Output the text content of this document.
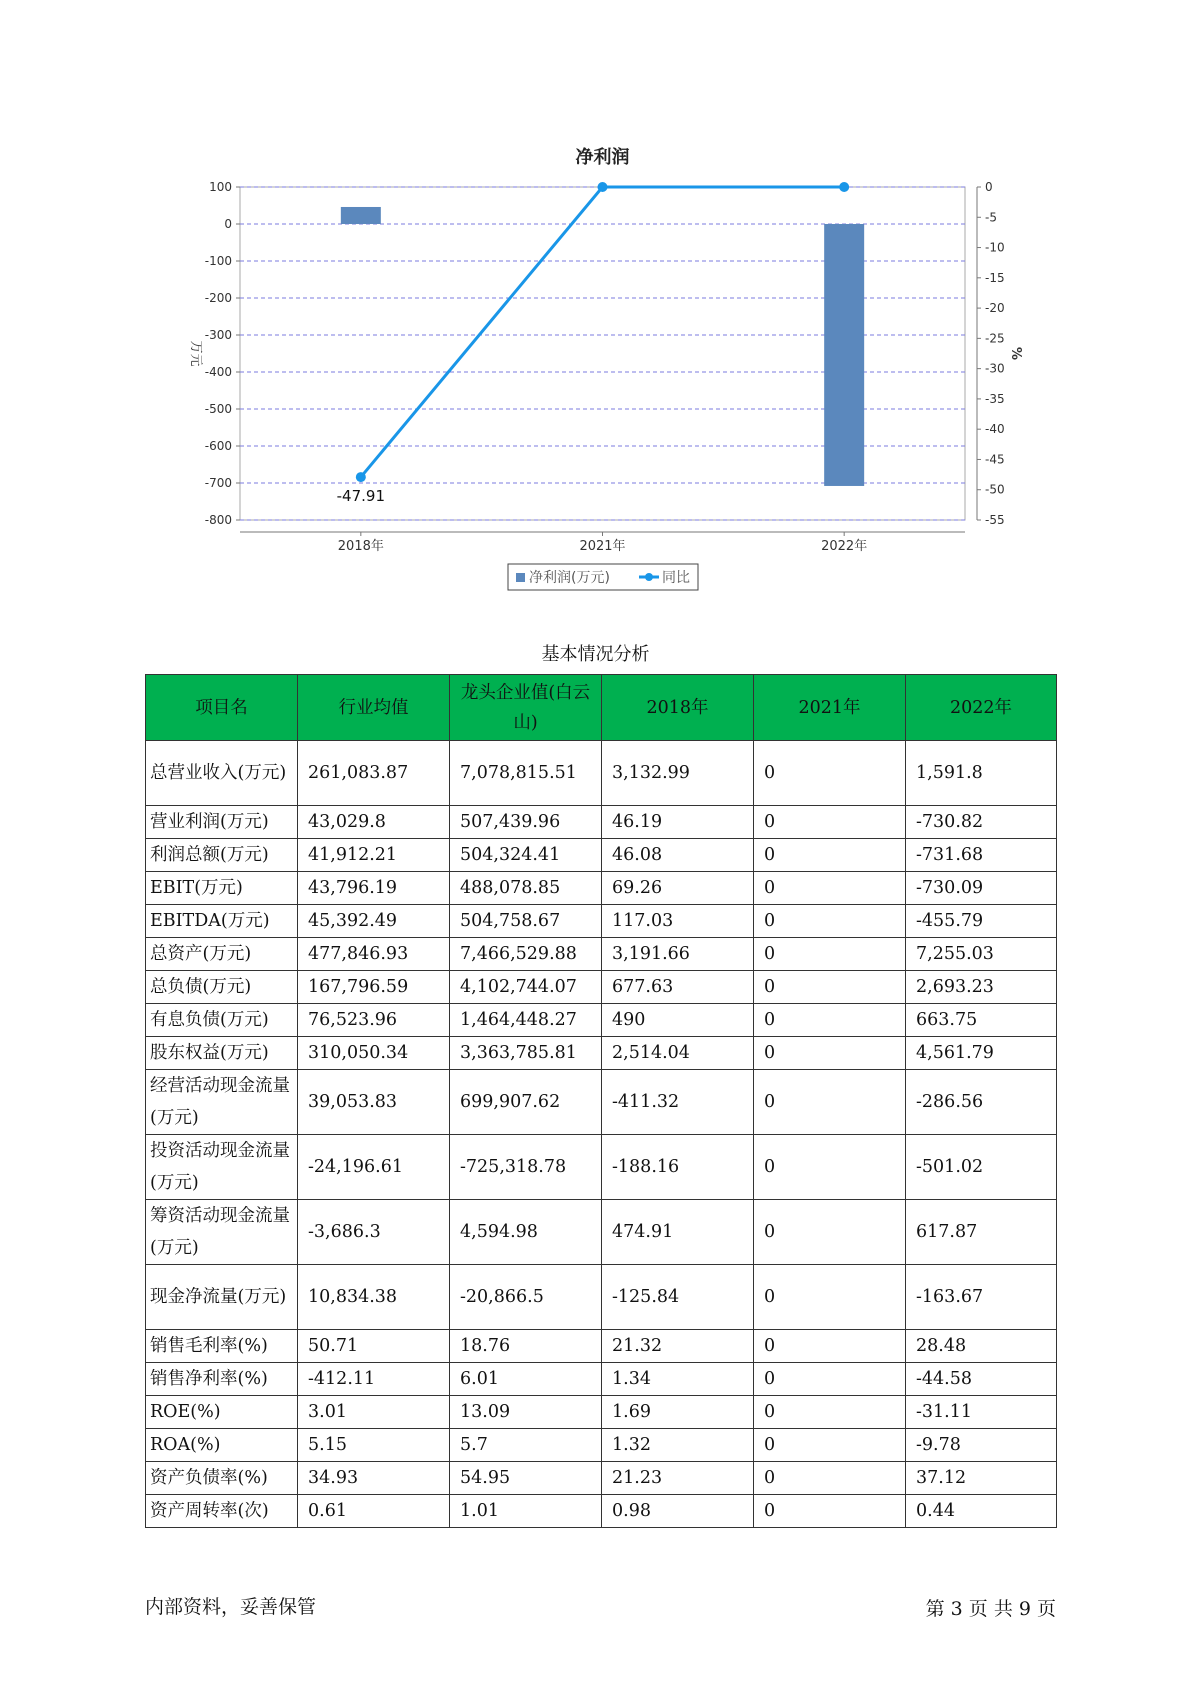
100
0
-100
-200
-300
-400
-500
-600
-700
-800
0
-5
-10
-15
-20
-25
-30
-35
-40
-45
-50
-55
2018年	2021年	2022年
净利润
万元	%
-47.91
净利润(万元)	同比
基本情况分析
项目名	行业均值	龙头企业值(白云山)	2018年	2021年	2022年
总营业收入(万元)	261,083.87	7,078,815.51	3,132.99	0	1,591.8
营业利润(万元)	43,029.8	507,439.96	46.19	0	-730.82
利润总额(万元)	41,912.21	504,324.41	46.08	0	-731.68
EBIT(万元)	43,796.19	488,078.85	69.26	0	-730.09
EBITDA(万元)	45,392.49	504,758.67	117.03	0	-455.79
总资产(万元)	477,846.93	7,466,529.88	3,191.66	0	7,255.03
总负债(万元)	167,796.59	4,102,744.07	677.63	0	2,693.23
有息负债(万元)	76,523.96	1,464,448.27	490	0	663.75
股东权益(万元)	310,050.34	3,363,785.81	2,514.04	0	4,561.79
经营活动现金流量(万元)	39,053.83	699,907.62	-411.32	0	-286.56
投资活动现金流量(万元)	-24,196.61	-725,318.78	-188.16	0	-501.02
筹资活动现金流量(万元)	-3,686.3	4,594.98	474.91	0	617.87
现金净流量(万元)	10,834.38	-20,866.5	-125.84	0	-163.67
销售毛利率(%)	50.71	18.76	21.32	0	28.48
销售净利率(%)	-412.11	6.01	1.34	0	-44.58
ROE(%)	3.01	13.09	1.69	0	-31.11
ROA(%)	5.15	5.7	1.32	0	-9.78
资产负债率(%)	34.93	54.95	21.23	0	37.12
资产周转率(次)	0.61	1.01	0.98	0	0.44
内部资料，妥善保管	第 3 页 共 9 页
